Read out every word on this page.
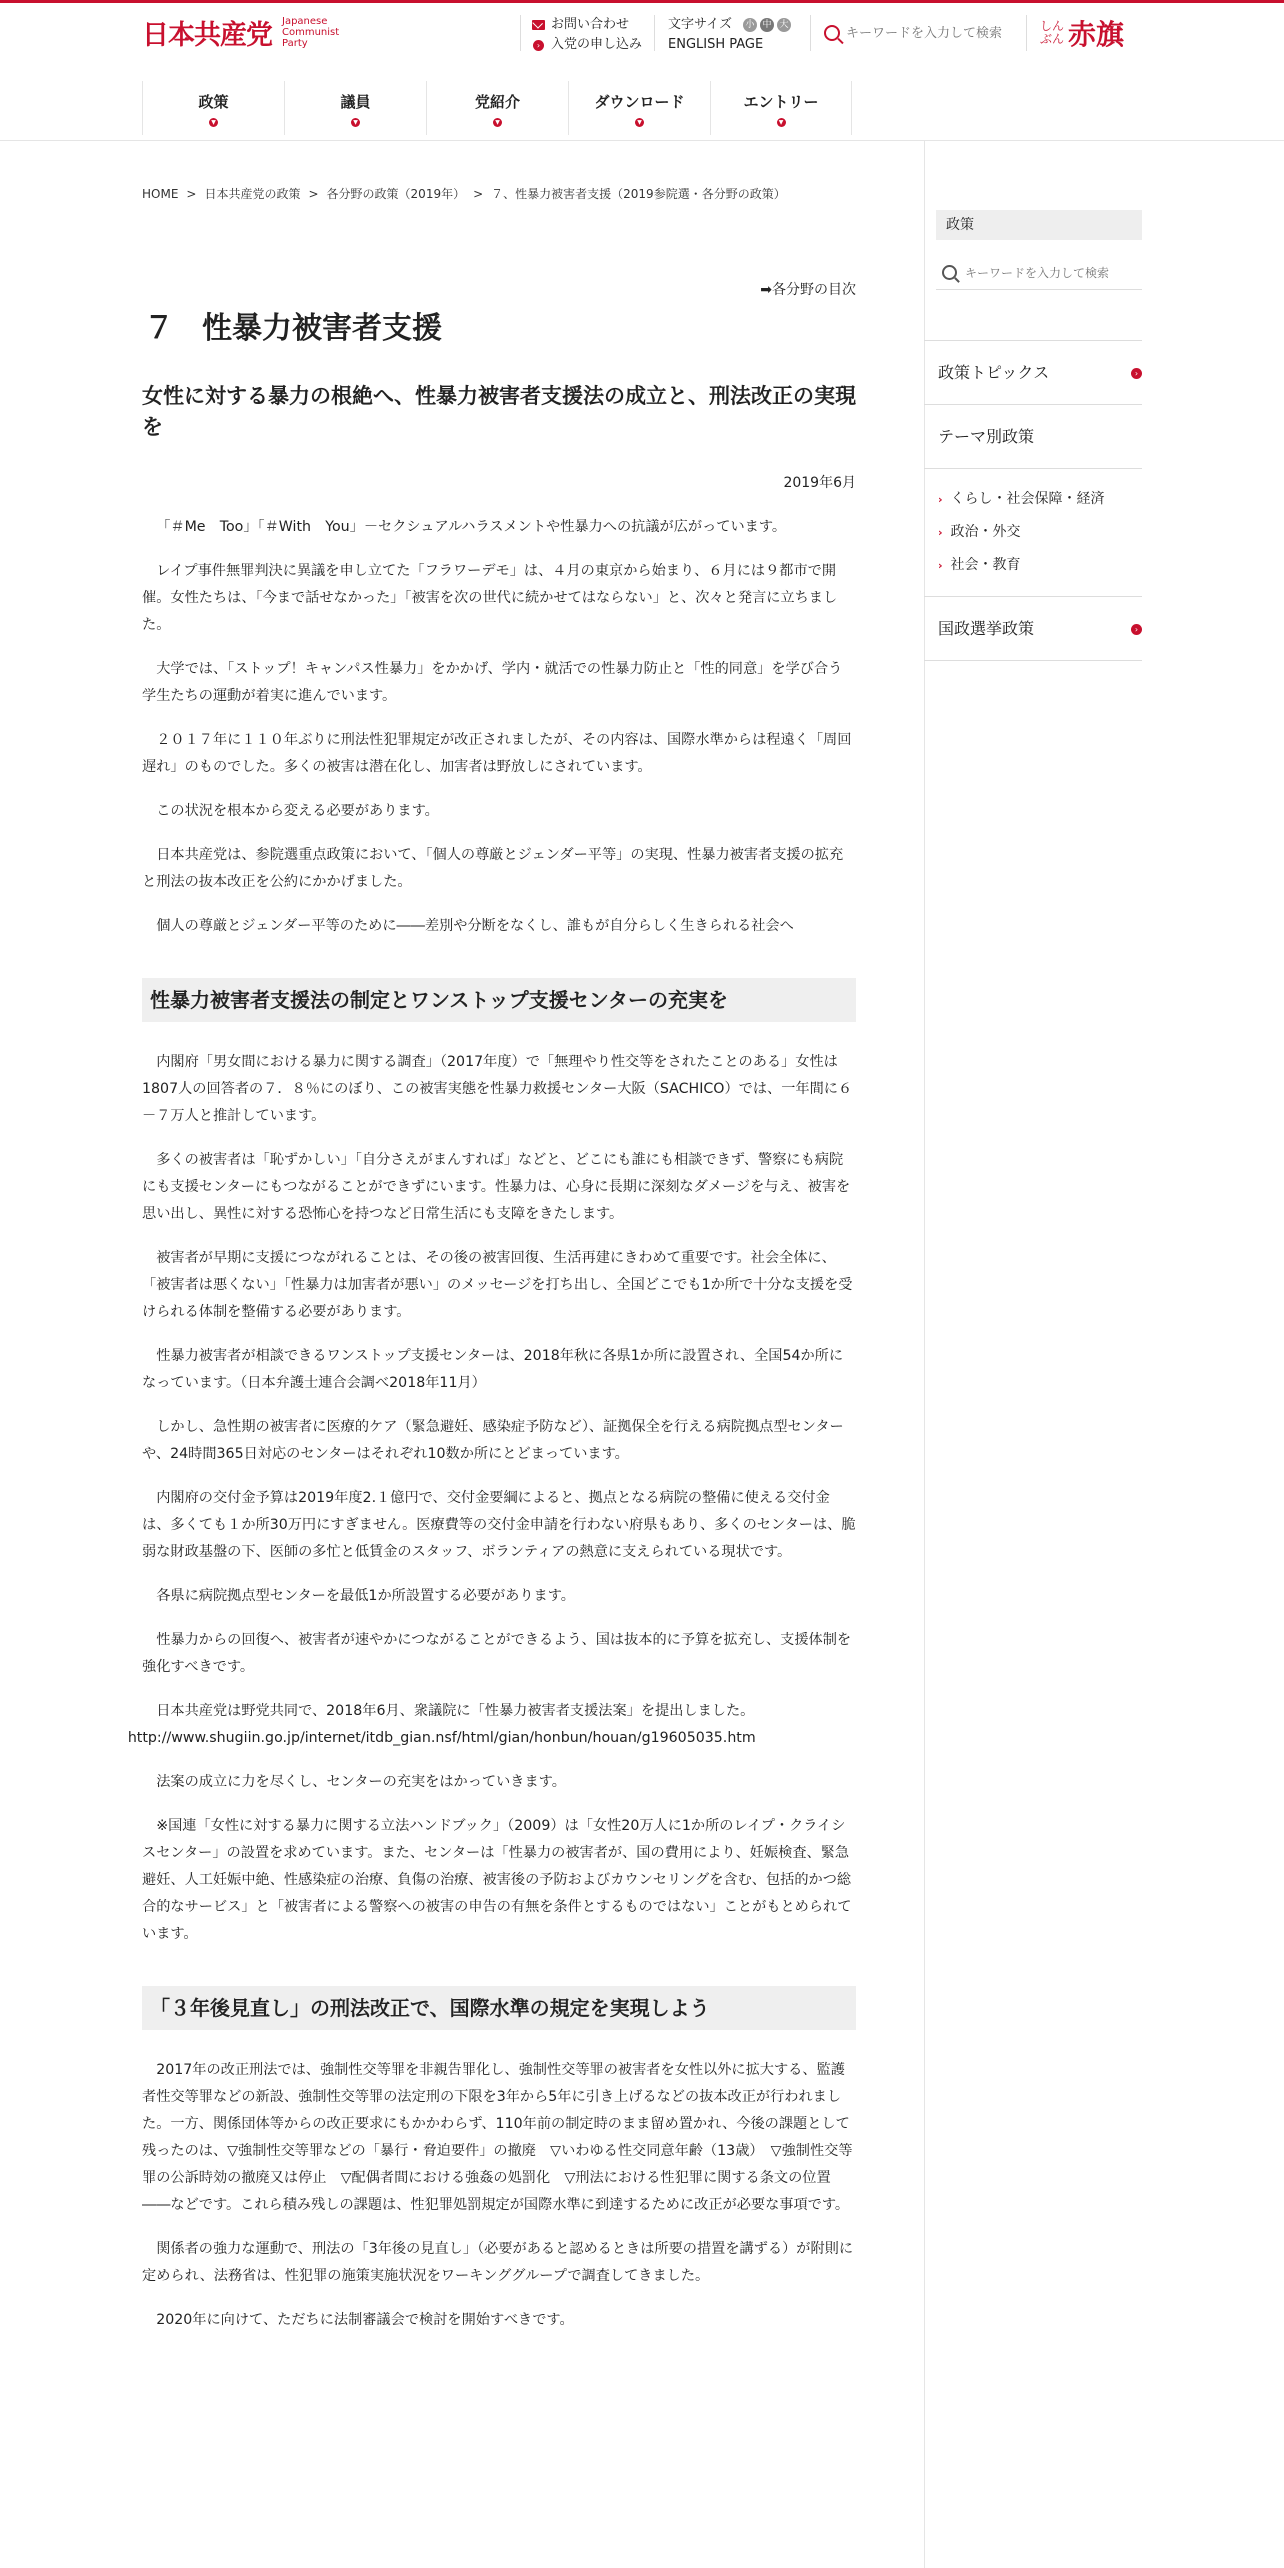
日本共産党 Japanese
Communist
Party
お問い合わせ
› 入党の申し込み
文字サイズ 小 中 大
ENGLISH PAGE
キーワードを入力して検索
しん
ぶん 赤旗
政策
▼
議員
▼
党紹介
▼
ダウンロード
▼
エントリー
▼
HOME > 日本共産党の政策 > 各分野の政策（2019年） > ７、性暴力被害者支援（2019参院選・各分野の政策）
➡各分野の目次
７ 性暴力被害者支援
女性に対する暴力の根絶へ、性暴力被害者支援法の成立と、刑法改正の実現を
2019年6月

「＃Me　Too」「＃With　You」－セクシュアルハラスメントや性暴力への抗議が広がっています。

レイプ事件無罪判決に異議を申し立てた「フラワーデモ」は、４月の東京から始まり、６月には９都市で開催。女性たちは、「今まで話せなかった」「被害を次の世代に続かせてはならない」と、次々と発言に立ちました。

大学では、「ストップ！キャンパス性暴力」をかかげ、学内・就活での性暴力防止と「性的同意」を学び合う学生たちの運動が着実に進んでいます。

２０１７年に１１０年ぶりに刑法性犯罪規定が改正されましたが、その内容は、国際水準からは程遠く「周回遅れ」のものでした。多くの被害は潜在化し、加害者は野放しにされています。

この状況を根本から変える必要があります。

日本共産党は、参院選重点政策において、「個人の尊厳とジェンダー平等」の実現、性暴力被害者支援の拡充と刑法の抜本改正を公約にかかげました。

個人の尊厳とジェンダー平等のために――差別や分断をなくし、誰もが自分らしく生きられる社会へ

性暴力被害者支援法の制定とワンストップ支援センターの充実を

内閣府「男女間における暴力に関する調査」（2017年度）で「無理やり性交等をされたことのある」女性は1807人の回答者の７．８％にのぼり、この被害実態を性暴力救援センター大阪（SACHICO）では、一年間に６－７万人と推計しています。

多くの被害者は「恥ずかしい」「自分さえがまんすれば」などと、どこにも誰にも相談できず、警察にも病院にも支援センターにもつながることができずにいます。性暴力は、心身に長期に深刻なダメージを与え、被害を思い出し、異性に対する恐怖心を持つなど日常生活にも支障をきたします。

被害者が早期に支援につながれることは、その後の被害回復、生活再建にきわめて重要です。社会全体に、「被害者は悪くない」「性暴力は加害者が悪い」のメッセージを打ち出し、全国どこでも1か所で十分な支援を受けられる体制を整備する必要があります。

性暴力被害者が相談できるワンストップ支援センターは、2018年秋に各県1か所に設置され、全国54か所になっています。（日本弁護士連合会調べ2018年11月）

しかし、急性期の被害者に医療的ケア（緊急避妊、感染症予防など）、証拠保全を行える病院拠点型センターや、24時間365日対応のセンターはそれぞれ10数か所にとどまっています。

内閣府の交付金予算は2019年度2.１億円で、交付金要綱によると、拠点となる病院の整備に使える交付金は、多くても１か所30万円にすぎません。医療費等の交付金申請を行わない府県もあり、多くのセンターは、脆弱な財政基盤の下、医師の多忙と低賃金のスタッフ、ボランティアの熱意に支えられている現状です。

各県に病院拠点型センターを最低1か所設置する必要があります。

性暴力からの回復へ、被害者が速やかにつながることができるよう、国は抜本的に予算を拡充し、支援体制を強化すべきです。

日本共産党は野党共同で、2018年6月、衆議院に「性暴力被害者支援法案」を提出しました。
http://www.shugiin.go.jp/internet/itdb_gian.nsf/html/gian/honbun/houan/g19605035.htm

法案の成立に力を尽くし、センターの充実をはかっていきます。

※国連「女性に対する暴力に関する立法ハンドブック」（2009）は「女性20万人に1か所のレイプ・クライシスセンター」の設置を求めています。また、センターは「性暴力の被害者が、国の費用により、妊娠検査、緊急避妊、人工妊娠中絶、性感染症の治療、負傷の治療、被害後の予防およびカウンセリングを含む、包括的かつ総合的なサービス」と「被害者による警察への被害の申告の有無を条件とするものではない」ことがもとめられています。

「３年後見直し」の刑法改正で、国際水準の規定を実現しよう

2017年の改正刑法では、強制性交等罪を非親告罪化し、強制性交等罪の被害者を女性以外に拡大する、監護者性交等罪などの新設、強制性交等罪の法定刑の下限を3年から5年に引き上げるなどの抜本改正が行われました。一方、関係団体等からの改正要求にもかかわらず、110年前の制定時のまま留め置かれ、今後の課題として残ったのは、▽強制性交等罪などの「暴行・脅迫要件」の撤廃　▽いわゆる性交同意年齢（13歳）　▽強制性交等罪の公訴時効の撤廃又は停止　▽配偶者間における強姦の処罰化　▽刑法における性犯罪に関する条文の位置――などです。これら積み残しの課題は、性犯罪処罰規定が国際水準に到達するために改正が必要な事項です。

関係者の強力な運動で、刑法の「3年後の見直し」（必要があると認めるときは所要の措置を講ずる）が附則に定められ、法務省は、性犯罪の施策実施状況をワーキンググループで調査してきました。

2020年に向けて、ただちに法制審議会で検討を開始すべきです。

政策
キーワードを入力して検索
政策トピックス	›
テーマ別政策
› くらし・社会保障・経済
› 政治・外交
› 社会・教育
国政選挙政策	›
